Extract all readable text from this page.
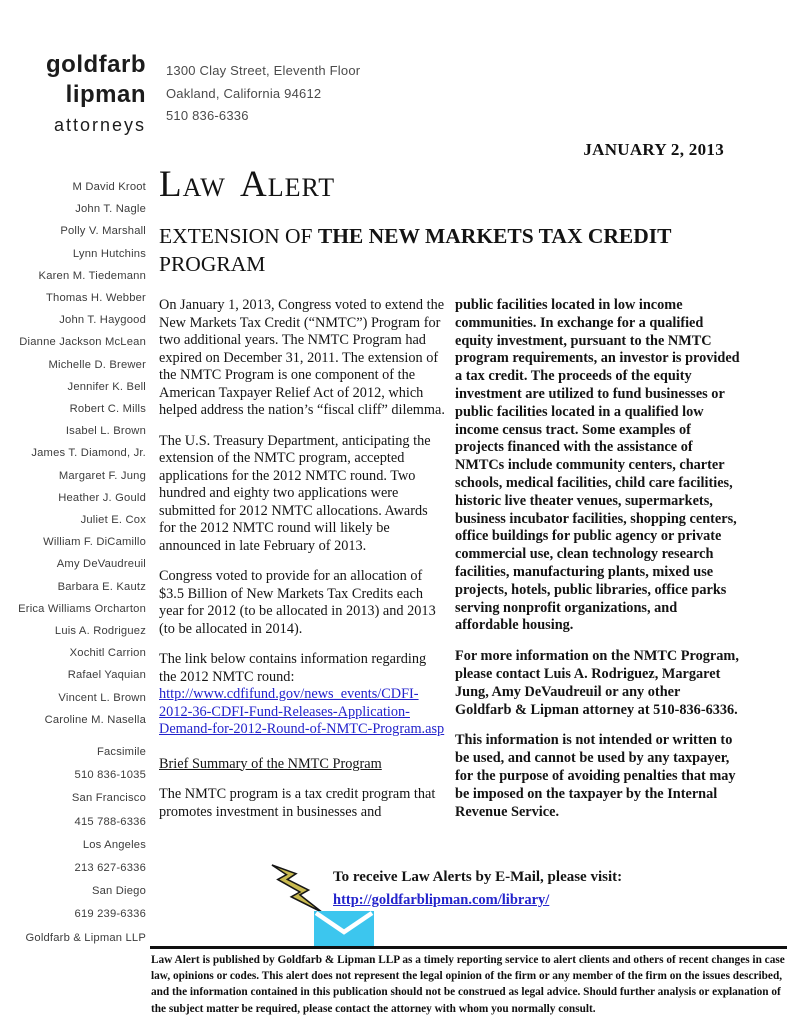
goldfarb
lipman
attorneys
1300 Clay Street, Eleventh Floor
Oakland, California 94612
510 836-6336
JANUARY 2, 2013
M David Kroot
John T. Nagle
Polly V. Marshall
Lynn Hutchins
Karen M. Tiedemann
Thomas H. Webber
John T. Haygood
Dianne Jackson McLean
Michelle D. Brewer
Jennifer K. Bell
Robert C. Mills
Isabel L. Brown
James T. Diamond, Jr.
Margaret F. Jung
Heather J. Gould
Juliet E. Cox
William F. DiCamillo
Amy DeVaudreuil
Barbara E. Kautz
Erica Williams Orcharton
Luis A. Rodriguez
Xochitl Carrion
Rafael Yaquian
Vincent L. Brown
Caroline M. Nasella
Facsimile
510 836-1035
San Francisco
415 788-6336
Los Angeles
213 627-6336
San Diego
619 239-6336
Goldfarb & Lipman LLP
Law Alert
EXTENSION OF THE NEW MARKETS TAX CREDIT
PROGRAM

On January 1, 2013, Congress voted to extend the New Markets Tax Credit (“NMTC”) Program for two additional years. The NMTC Program had expired on December 31, 2011. The extension of the NMTC Program is one component of the American Taxpayer Relief Act of 2012, which helped address the nation’s “fiscal cliff” dilemma.

The U.S. Treasury Department, anticipating the extension of the NMTC program, accepted applications for the 2012 NMTC round. Two hundred and eighty two applications were submitted for 2012 NMTC allocations. Awards for the 2012 NMTC round will likely be announced in late February of 2013.

Congress voted to provide for an allocation of $3.5 Billion of New Markets Tax Credits each year for 2012 (to be allocated in 2013) and 2013 (to be allocated in 2014).

The link below contains information regarding the 2012 NMTC round:
http://www.cdfifund.gov/news_events/CDFI-2012-36-CDFI-Fund-Releases-Application-Demand-for-2012-Round-of-NMTC-Program.asp

Brief Summary of the NMTC Program

The NMTC program is a tax credit program that promotes investment in businesses and

public facilities located in low income communities. In exchange for a qualified equity investment, pursuant to the NMTC program requirements, an investor is provided a tax credit. The proceeds of the equity investment are utilized to fund businesses or public facilities located in a qualified low income census tract. Some examples of projects financed with the assistance of NMTCs include community centers, charter schools, medical facilities, child care facilities, historic live theater venues, supermarkets, business incubator facilities, shopping centers, office buildings for public agency or private commercial use, clean technology research facilities, manufacturing plants, mixed use projects, hotels, public libraries, office parks serving nonprofit organizations, and affordable housing.

For more information on the NMTC Program, please contact Luis A. Rodriguez, Margaret Jung, Amy DeVaudreuil or any other Goldfarb & Lipman attorney at 510-836-6336.

This information is not intended or written to be used, and cannot be used by any taxpayer, for the purpose of avoiding penalties that may be imposed on the taxpayer by the Internal Revenue Service.

To receive Law Alerts by E-Mail, please visit:
http://goldfarblipman.com/library/

Law Alert is published by Goldfarb & Lipman LLP as a timely reporting service to alert clients and others of recent changes in case law, opinions or codes. This alert does not represent the legal opinion of the firm or any member of the firm on the issues described, and the information contained in this publication should not be construed as legal advice. Should further analysis or explanation of the subject matter be required, please contact the attorney with whom you normally consult.
